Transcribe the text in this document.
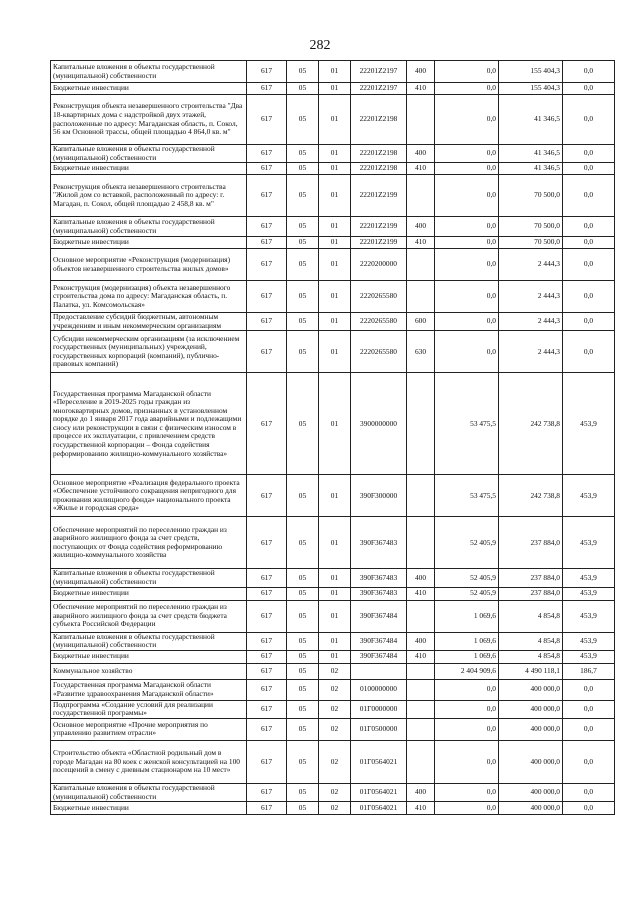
282
Капитальные вложения в объекты государственной (муниципальной) собственности	617	05	01	22201Z2197	400	0,0	155 404,3	0,0
Бюджетные инвестиции	617	05	01	22201Z2197	410	0,0	155 404,3	0,0
Реконструкция объекта незавершенного строительства "Два 18-квартирных дома с надстройкой двух этажей, расположенные по адресу: Магаданская область, п. Сокол, 56 км Основной трассы, общей площадью 4 864,0 кв. м"	617	05	01	22201Z2198		0,0	41 346,5	0,0
Капитальные вложения в объекты государственной (муниципальной) собственности	617	05	01	22201Z2198	400	0,0	41 346,5	0,0
Бюджетные инвестиции	617	05	01	22201Z2198	410	0,0	41 346,5	0,0
Реконструкция объекта незавершенного строительства "Жилой дом со вставкой, расположенный по адресу: г. Магадан, п. Сокол, общей площадью 2 458,8 кв. м"	617	05	01	22201Z2199		0,0	70 500,0	0,0
Капитальные вложения в объекты государственной (муниципальной) собственности	617	05	01	22201Z2199	400	0,0	70 500,0	0,0
Бюджетные инвестиции	617	05	01	22201Z2199	410	0,0	70 500,0	0,0
Основное мероприятие «Реконструкция (модернизация) объектов незавершенного строительства жилых домов»	617	05	01	2220200000		0,0	2 444,3	0,0
Реконструкция (модернизация) объекта незавершенного строительства дома по адресу: Магаданская область, п. Палатка, ул. Комсомольская»	617	05	01	2220265580		0,0	2 444,3	0,0
Предоставление субсидий бюджетным, автономным учреждениям и иным некоммерческим организациям	617	05	01	2220265580	600	0,0	2 444,3	0,0
Субсидии некоммерческим организациям (за исключением государственных (муниципальных) учреждений, государственных корпораций (компаний), публично-правовых компаний)	617	05	01	2220265580	630	0,0	2 444,3	0,0
Государственная программа Магаданской области «Переселение в 2019-2025 годы граждан из многоквартирных домов, признанных в установленном порядке до 1 января 2017 года аварийными и подлежащими сносу или реконструкции в связи с физическим износом в процессе их эксплуатации, с привлечением средств государственной корпорации – Фонда содействия реформированию жилищно-коммунального хозяйства»	617	05	01	3900000000		53 475,5	242 738,8	453,9
Основное мероприятие «Реализация федерального проекта «Обеспечение устойчивого сокращения непригодного для проживания жилищного фонда» национального проекта «Жилье и городская среда»	617	05	01	390F300000		53 475,5	242 738,8	453,9
Обеспечение мероприятий по переселению граждан из аварийного жилищного фонда за счет средств, поступающих от Фонда содействия реформированию жилищно-коммунального хозяйства	617	05	01	390F367483		52 405,9	237 884,0	453,9
Капитальные вложения в объекты государственной (муниципальной) собственности	617	05	01	390F367483	400	52 405,9	237 884,0	453,9
Бюджетные инвестиции	617	05	01	390F367483	410	52 405,9	237 884,0	453,9
Обеспечение мероприятий по переселению граждан из аварийного жилищного фонда за счет средств бюджета субъекта Российской Федерации	617	05	01	390F367484		1 069,6	4 854,8	453,9
Капитальные вложения в объекты государственной (муниципальной) собственности	617	05	01	390F367484	400	1 069,6	4 854,8	453,9
Бюджетные инвестиции	617	05	01	390F367484	410	1 069,6	4 854,8	453,9
Коммунальное хозяйство	617	05	02			2 404 909,6	4 490 118,1	186,7
Государственная программа Магаданской области «Развитие здравоохранения Магаданской области»	617	05	02	0100000000		0,0	400 000,0	0,0
Подпрограмма «Создание условий для реализации государственной программы»	617	05	02	01Г0000000		0,0	400 000,0	0,0
Основное мероприятие «Прочие мероприятия по управлению развитием отрасли»	617	05	02	01Г0500000		0,0	400 000,0	0,0
Строительство объекта «Областной родильный дом в городе Магадан на 80 коек с женской консультацией на 100 посещений в смену с дневным стационаром на 10 мест»	617	05	02	01Г0564021		0,0	400 000,0	0,0
Капитальные вложения в объекты государственной (муниципальной) собственности	617	05	02	01Г0564021	400	0,0	400 000,0	0,0
Бюджетные инвестиции	617	05	02	01Г0564021	410	0,0	400 000,0	0,0
